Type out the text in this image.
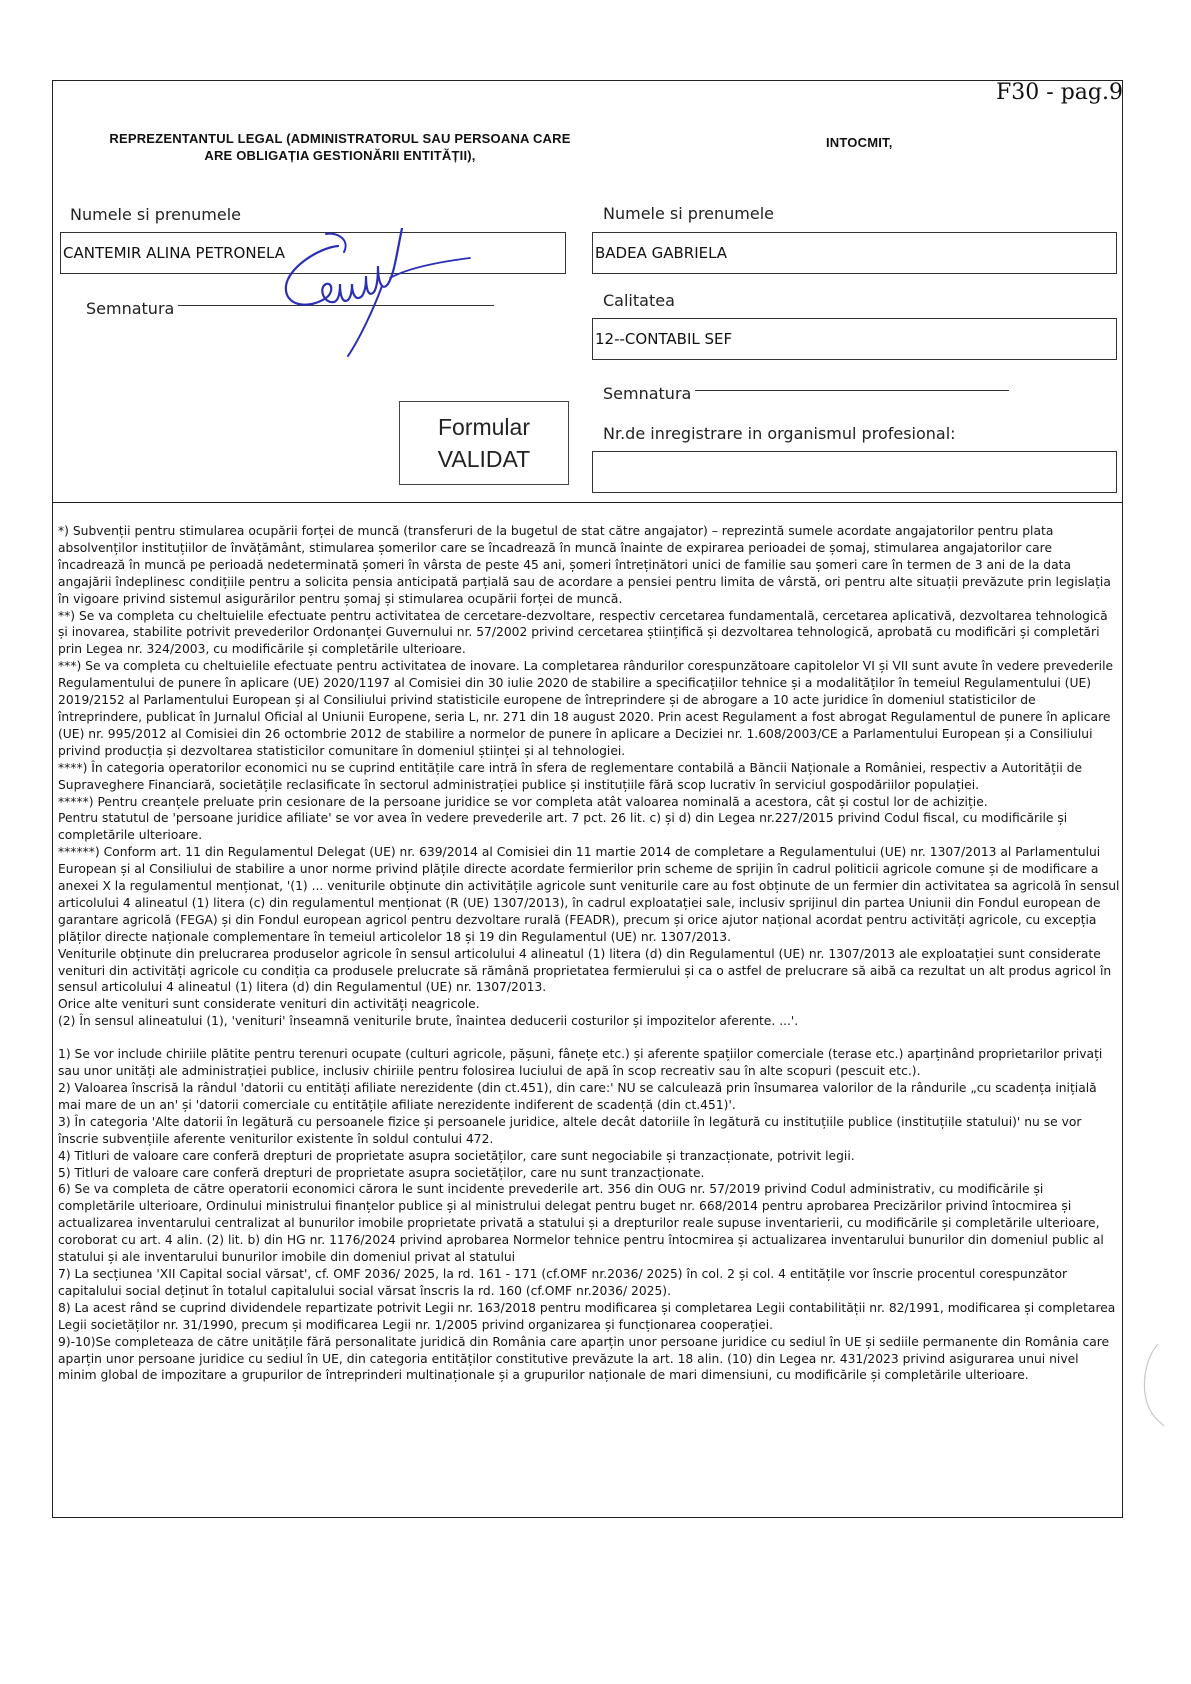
F30 - pag.9
REPREZENTANTUL LEGAL (ADMINISTRATORUL SAU PERSOANA CARE
ARE OBLIGAȚIA GESTIONĂRII ENTITĂȚII),
INTOCMIT,
Numele si prenumele
CANTEMIR ALINA PETRONELA
Semnatura
Numele si prenumele
BADEA GABRIELA
Calitatea
12--CONTABIL SEF
Semnatura
Nr.de inregistrare in organismul profesional:
Formular
VALIDAT

*) Subvenții pentru stimularea ocupării forței de muncă (transferuri de la bugetul de stat către angajator) – reprezintă sumele acordate angajatorilor pentru plata absolvenților instituțiilor de învățământ, stimularea șomerilor care se încadrează în muncă înainte de expirarea perioadei de șomaj, stimularea angajatorilor care încadrează în muncă pe perioadă nedeterminată șomeri în vârsta de peste 45 ani, șomeri întreținători unici de familie sau șomeri care în termen de 3 ani de la data angajării îndeplinesc condițiile pentru a solicita pensia anticipată parțială sau de acordare a pensiei pentru limita de vârstă, ori pentru alte situații prevăzute prin legislația în vigoare privind sistemul asigurărilor pentru șomaj și stimularea ocupării forței de muncă.

**) Se va completa cu cheltuielile efectuate pentru activitatea de cercetare-dezvoltare, respectiv cercetarea fundamentală, cercetarea aplicativă, dezvoltarea tehnologică și inovarea, stabilite potrivit prevederilor Ordonanței Guvernului nr. 57/2002 privind cercetarea științifică și dezvoltarea tehnologică, aprobată cu modificări și completări prin Legea nr. 324/2003, cu modificările și completările ulterioare.

***) Se va completa cu cheltuielile efectuate pentru activitatea de inovare. La completarea rândurilor corespunzătoare capitolelor VI și VII sunt avute în vedere prevederile Regulamentului de punere în aplicare (UE) 2020/1197 al Comisiei din 30 iulie 2020 de stabilire a specificațiilor tehnice și a modalităților în temeiul Regulamentului (UE) 2019/2152 al Parlamentului European și al Consiliului privind statisticile europene de întreprindere și de abrogare a 10 acte juridice în domeniul statisticilor de întreprindere, publicat în Jurnalul Oficial al Uniunii Europene, seria L, nr. 271 din 18 august 2020. Prin acest Regulament a fost abrogat Regulamentul de punere în aplicare (UE) nr. 995/2012 al Comisiei din 26 octombrie 2012 de stabilire a normelor de punere în aplicare a Deciziei nr. 1.608/2003/CE a Parlamentului European și a Consiliului privind producția și dezvoltarea statisticilor comunitare în domeniul științei și al tehnologiei.

****) În categoria operatorilor economici nu se cuprind entitățile care intră în sfera de reglementare contabilă a Băncii Naționale a României, respectiv a Autorității de Supraveghere Financiară, societățile reclasificate în sectorul administrației publice și instituțiile fără scop lucrativ în serviciul gospodăriilor populației.

*****) Pentru creanțele preluate prin cesionare de la persoane juridice se vor completa atât valoarea nominală a acestora, cât și costul lor de achiziție.

Pentru statutul de 'persoane juridice afiliate' se vor avea în vedere prevederile art. 7 pct. 26 lit. c) și d) din Legea nr.227/2015 privind Codul fiscal, cu modificările și completările ulterioare.

******) Conform art. 11 din Regulamentul Delegat (UE) nr. 639/2014 al Comisiei din 11 martie 2014 de completare a Regulamentului (UE) nr. 1307/2013 al Parlamentului European și al Consiliului de stabilire a unor norme privind plățile directe acordate fermierilor prin scheme de sprijin în cadrul politicii agricole comune și de modificare a anexei X la regulamentul menționat, '(1) ... veniturile obținute din activitățile agricole sunt veniturile care au fost obținute de un fermier din activitatea sa agricolă în sensul articolului 4 alineatul (1) litera (c) din regulamentul menționat (R (UE) 1307/2013), în cadrul exploatației sale, inclusiv sprijinul din partea Uniunii din Fondul european de garantare agricolă (FEGA) și din Fondul european agricol pentru dezvoltare rurală (FEADR), precum și orice ajutor național acordat pentru activități agricole, cu excepția plăților directe naționale complementare în temeiul articolelor 18 și 19 din Regulamentul (UE) nr. 1307/2013.

Veniturile obținute din prelucrarea produselor agricole în sensul articolului 4 alineatul (1) litera (d) din Regulamentul (UE) nr. 1307/2013 ale exploatației sunt considerate venituri din activități agricole cu condiția ca produsele prelucrate să rămână proprietatea fermierului și ca o astfel de prelucrare să aibă ca rezultat un alt produs agricol în sensul articolului 4 alineatul (1) litera (d) din Regulamentul (UE) nr. 1307/2013.

Orice alte venituri sunt considerate venituri din activități neagricole.

(2) În sensul alineatului (1), 'venituri' înseamnă veniturile brute, înaintea deducerii costurilor și impozitelor aferente. ...'.

1) Se vor include chiriile plătite pentru terenuri ocupate (culturi agricole, pășuni, fânețe etc.) și aferente spațiilor comerciale (terase etc.) aparținând proprietarilor privați sau unor unități ale administrației publice, inclusiv chiriile pentru folosirea luciului de apă în scop recreativ sau în alte scopuri (pescuit etc.).

2) Valoarea înscrisă la rândul 'datorii cu entități afiliate nerezidente (din ct.451), din care:' NU se calculează prin însumarea valorilor de la rândurile „cu scadența inițială mai mare de un an' și 'datorii comerciale cu entitățile afiliate nerezidente indiferent de scadență (din ct.451)'.

3) În categoria 'Alte datorii în legătură cu persoanele fizice și persoanele juridice, altele decât datoriile în legătură cu instituțiile publice (instituțiile statului)' nu se vor înscrie subvențiile aferente veniturilor existente în soldul contului 472.

4) Titluri de valoare care conferă drepturi de proprietate asupra societăților, care sunt negociabile și tranzacționate, potrivit legii.

5) Titluri de valoare care conferă drepturi de proprietate asupra societăților, care nu sunt tranzacționate.

6) Se va completa de către operatorii economici cărora le sunt incidente prevederile art. 356 din OUG nr. 57/2019 privind Codul administrativ, cu modificările și completările ulterioare, Ordinului ministrului finanțelor publice și al ministrului delegat pentru buget nr. 668/2014 pentru aprobarea Precizărilor privind întocmirea și actualizarea inventarului centralizat al bunurilor imobile proprietate privată a statului și a drepturilor reale supuse inventarierii, cu modificările și completările ulterioare, coroborat cu art. 4 alin. (2) lit. b) din HG nr. 1176/2024 privind aprobarea Normelor tehnice pentru întocmirea și actualizarea inventarului bunurilor din domeniul public al statului și ale inventarului bunurilor imobile din domeniul privat al statului

7) La secțiunea 'XII Capital social vărsat', cf. OMF 2036/ 2025, la rd. 161 - 171 (cf.OMF nr.2036/ 2025) în col. 2 și col. 4 entitățile vor înscrie procentul corespunzător capitalului social deținut în totalul capitalului social vărsat înscris la rd. 160 (cf.OMF nr.2036/ 2025).

8) La acest rând se cuprind dividendele repartizate potrivit Legii nr. 163/2018 pentru modificarea și completarea Legii contabilității nr. 82/1991, modificarea și completarea Legii societăților nr. 31/1990, precum și modificarea Legii nr. 1/2005 privind organizarea și funcționarea cooperației.

9)-10)Se completeaza de către unitățile fără personalitate juridică din România care aparțin unor persoane juridice cu sediul în UE și sediile permanente din România care aparțin unor persoane juridice cu sediul în UE, din categoria entităților constitutive prevăzute la art. 18 alin. (10) din Legea nr. 431/2023 privind asigurarea unui nivel minim global de impozitare a grupurilor de întreprinderi multinaționale și a grupurilor naționale de mari dimensiuni, cu modificările și completările ulterioare.
